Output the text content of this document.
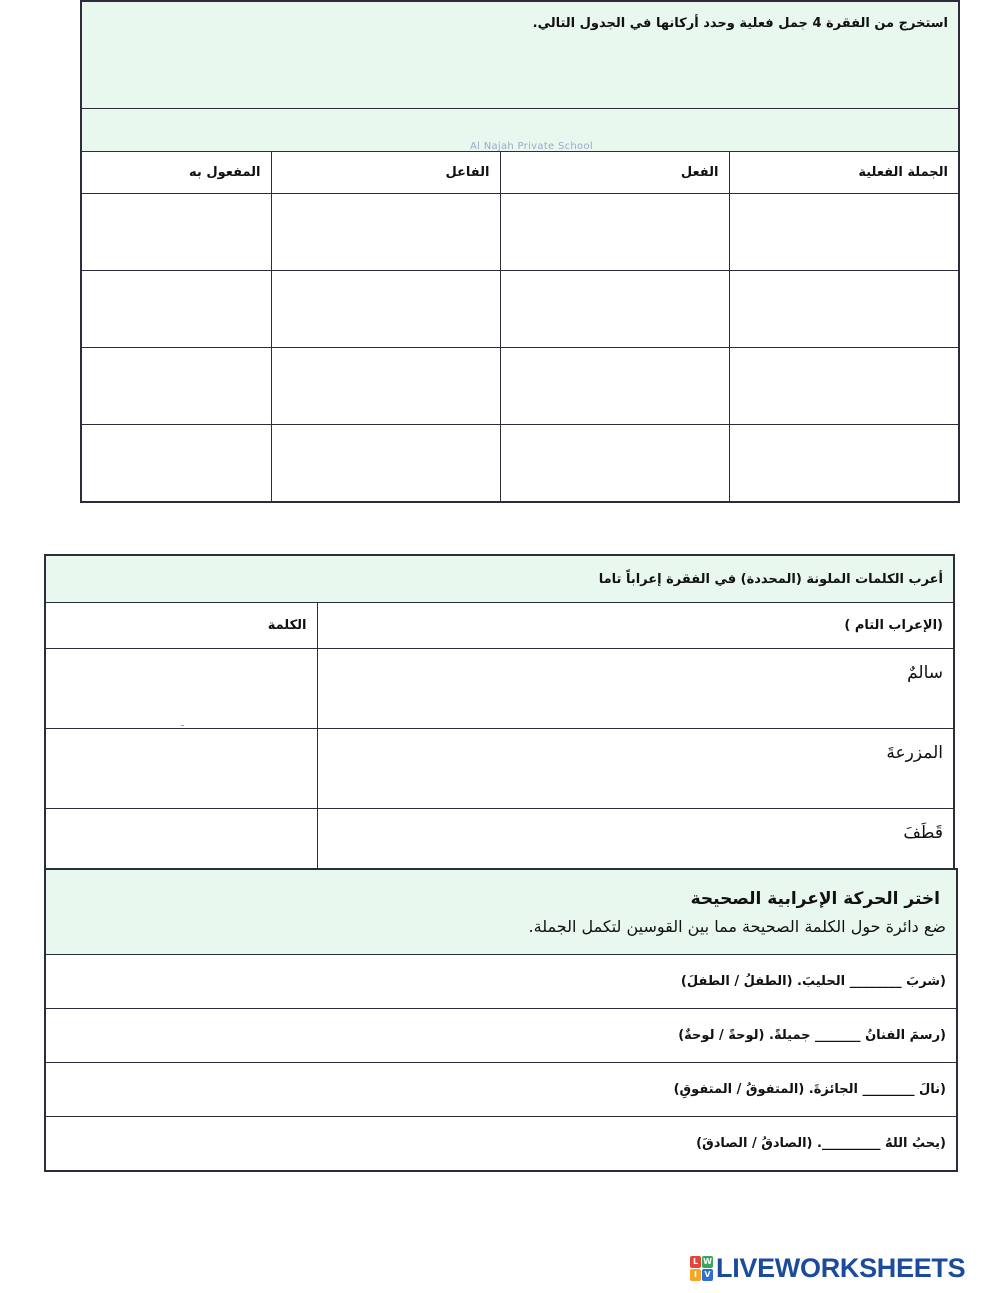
استخرج من الفقرة 4 جمل فعلية وحدد أركانها في الجدول التالي.			

المفعول به	الفاعل	الفعل	الجملة الفعلية

Al Najah Private School
أعرب الكلمات الملونة (المحددة) في الفقرة إعراباً تاما	
الكلمة	(الإعراب التام )
	سالمٌ
	المزرعةَ
	قَطَفَ
اختر الحركة الإعرابية الصحيحة
ضع دائرة حول الكلمة الصحيحة مما بين القوسين لتكمل الجملة.

(شربَ ________ الحليبَ. (الطفلُ / الطفلَ)
(رسمَ الفنانُ _______ جميلةً. (لوحةً / لوحةٌ)
(نالَ ________ الجائزةَ. (المتفوقُ / المتفوقِ)
(يحبُ اللهُ _________. (الصادقُ / الصادقَ)
L W
I V LIVEWORKSHEETS
